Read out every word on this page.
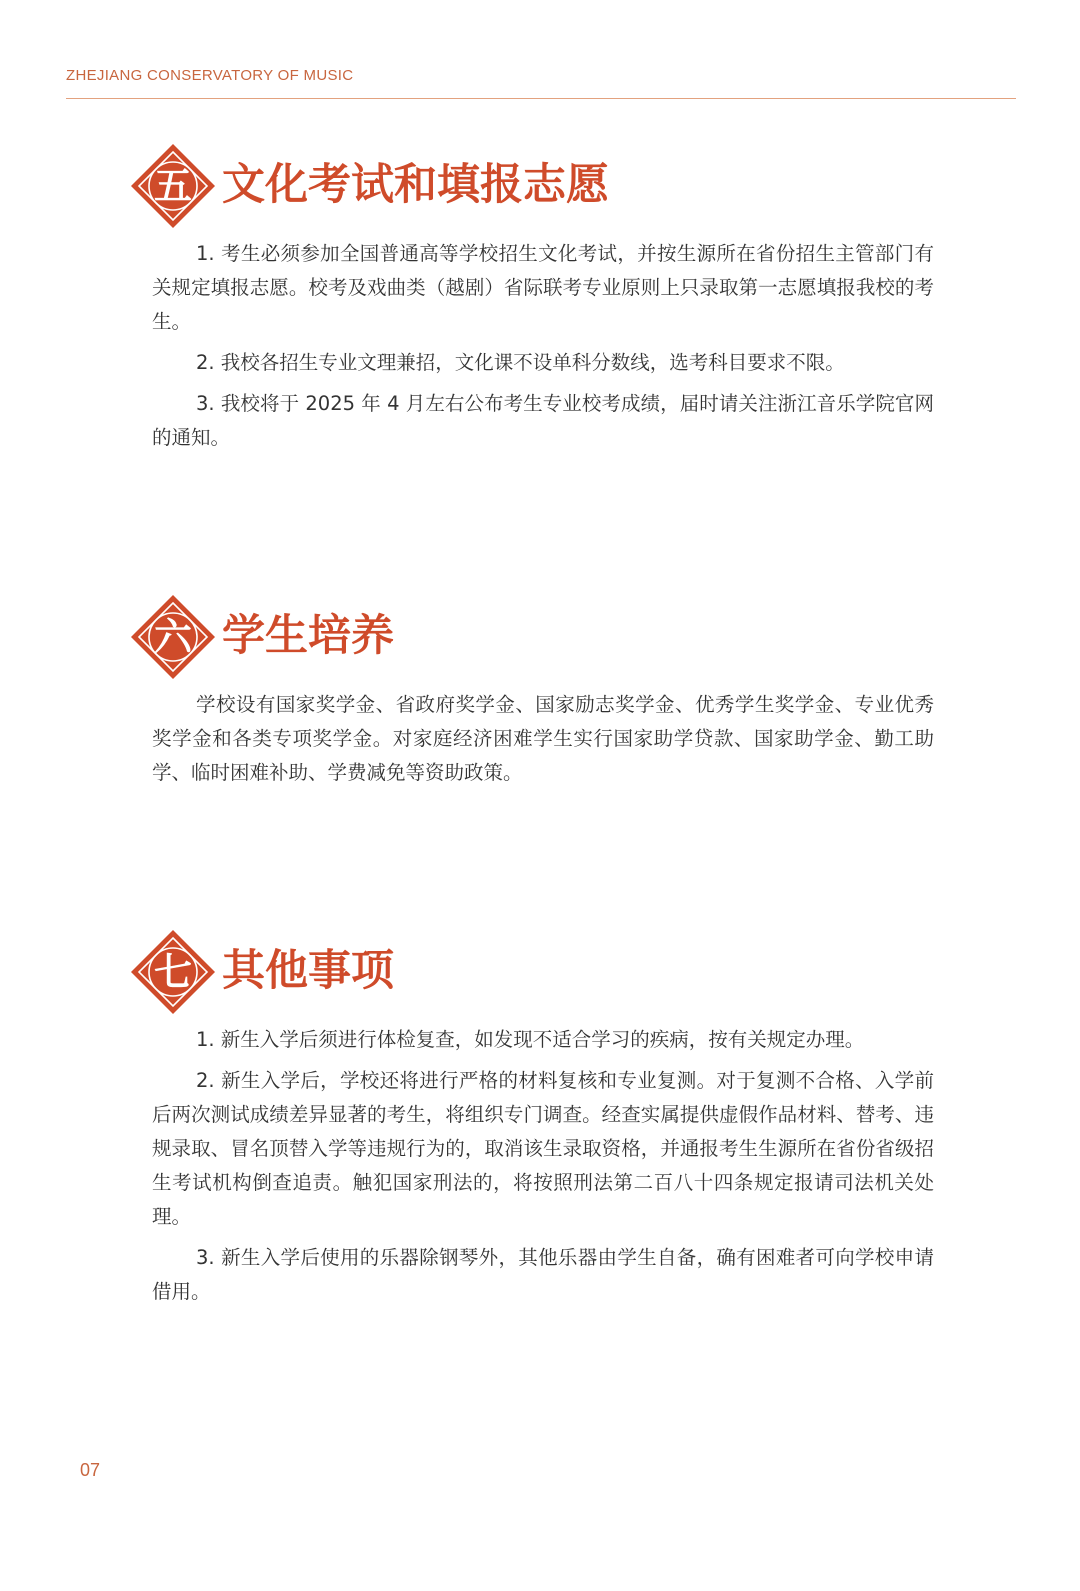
ZHEJIANG CONSERVATORY OF MUSIC
五 文化考试和填报志愿

1. 考生必须参加全国普通高等学校招生文化考试，并按生源所在省份招生主管部门有关规定填报志愿。校考及戏曲类（越剧）省际联考专业原则上只录取第一志愿填报我校的考生。

2. 我校各招生专业文理兼招，文化课不设单科分数线，选考科目要求不限。

3. 我校将于 2025 年 4 月左右公布考生专业校考成绩，届时请关注浙江音乐学院官网的通知。

六 学生培养

学校设有国家奖学金、省政府奖学金、国家励志奖学金、优秀学生奖学金、专业优秀奖学金和各类专项奖学金。对家庭经济困难学生实行国家助学贷款、国家助学金、勤工助学、临时困难补助、学费减免等资助政策。

七 其他事项

1. 新生入学后须进行体检复查，如发现不适合学习的疾病，按有关规定办理。

2. 新生入学后，学校还将进行严格的材料复核和专业复测。对于复测不合格、入学前后两次测试成绩差异显著的考生，将组织专门调查。经查实属提供虚假作品材料、替考、违规录取、冒名顶替入学等违规行为的，取消该生录取资格，并通报考生生源所在省份省级招生考试机构倒查追责。触犯国家刑法的，将按照刑法第二百八十四条规定报请司法机关处理。

3. 新生入学后使用的乐器除钢琴外，其他乐器由学生自备，确有困难者可向学校申请借用。

07
